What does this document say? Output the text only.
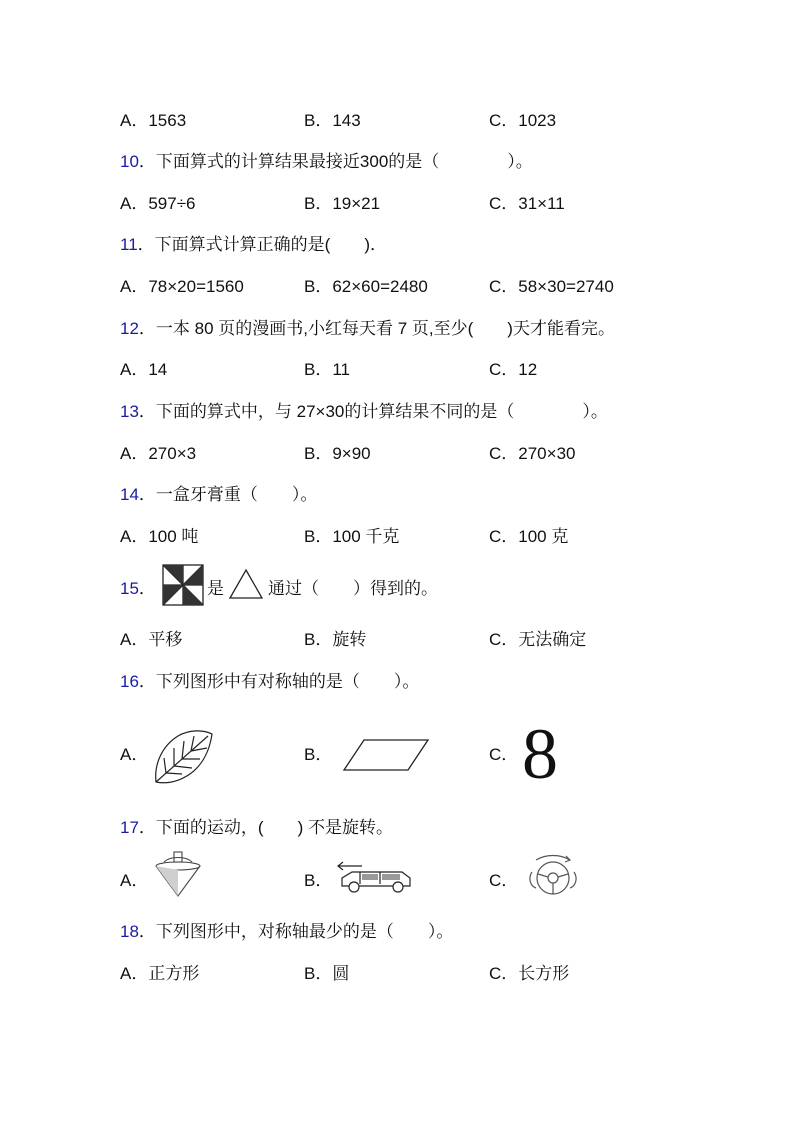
A．1563	B．143	C．1023
10．下面算式的计算结果最接近300的是（　　　　）。
A．597÷6	B．19×21	C．31×11
11．下面算式计算正确的是(　　)．
A．78×20=1560	B．62×60=2480	C．58×30=2740
12．一本 80 页的漫画书,小红每天看 7 页,至少(　　)天才能看完。
A．14	B．11	C．12
13．下面的算式中，与 27×30的计算结果不同的是（　　　　）。
A．270×3	B．9×90	C．270×30
14．一盒牙膏重（　　）。
A．100 吨	B．100 千克	C．100 克
15．	是	通过（　　）得到的。
A．平移	B．旋转	C．无法确定
16．下列图形中有对称轴的是（　　）。
A．	B．	C． 8
17．下面的运动，(　　) 不是旋转。
A．	B．	C．
18．下列图形中，对称轴最少的是（　　）。
A．正方形	B．圆	C．长方形
